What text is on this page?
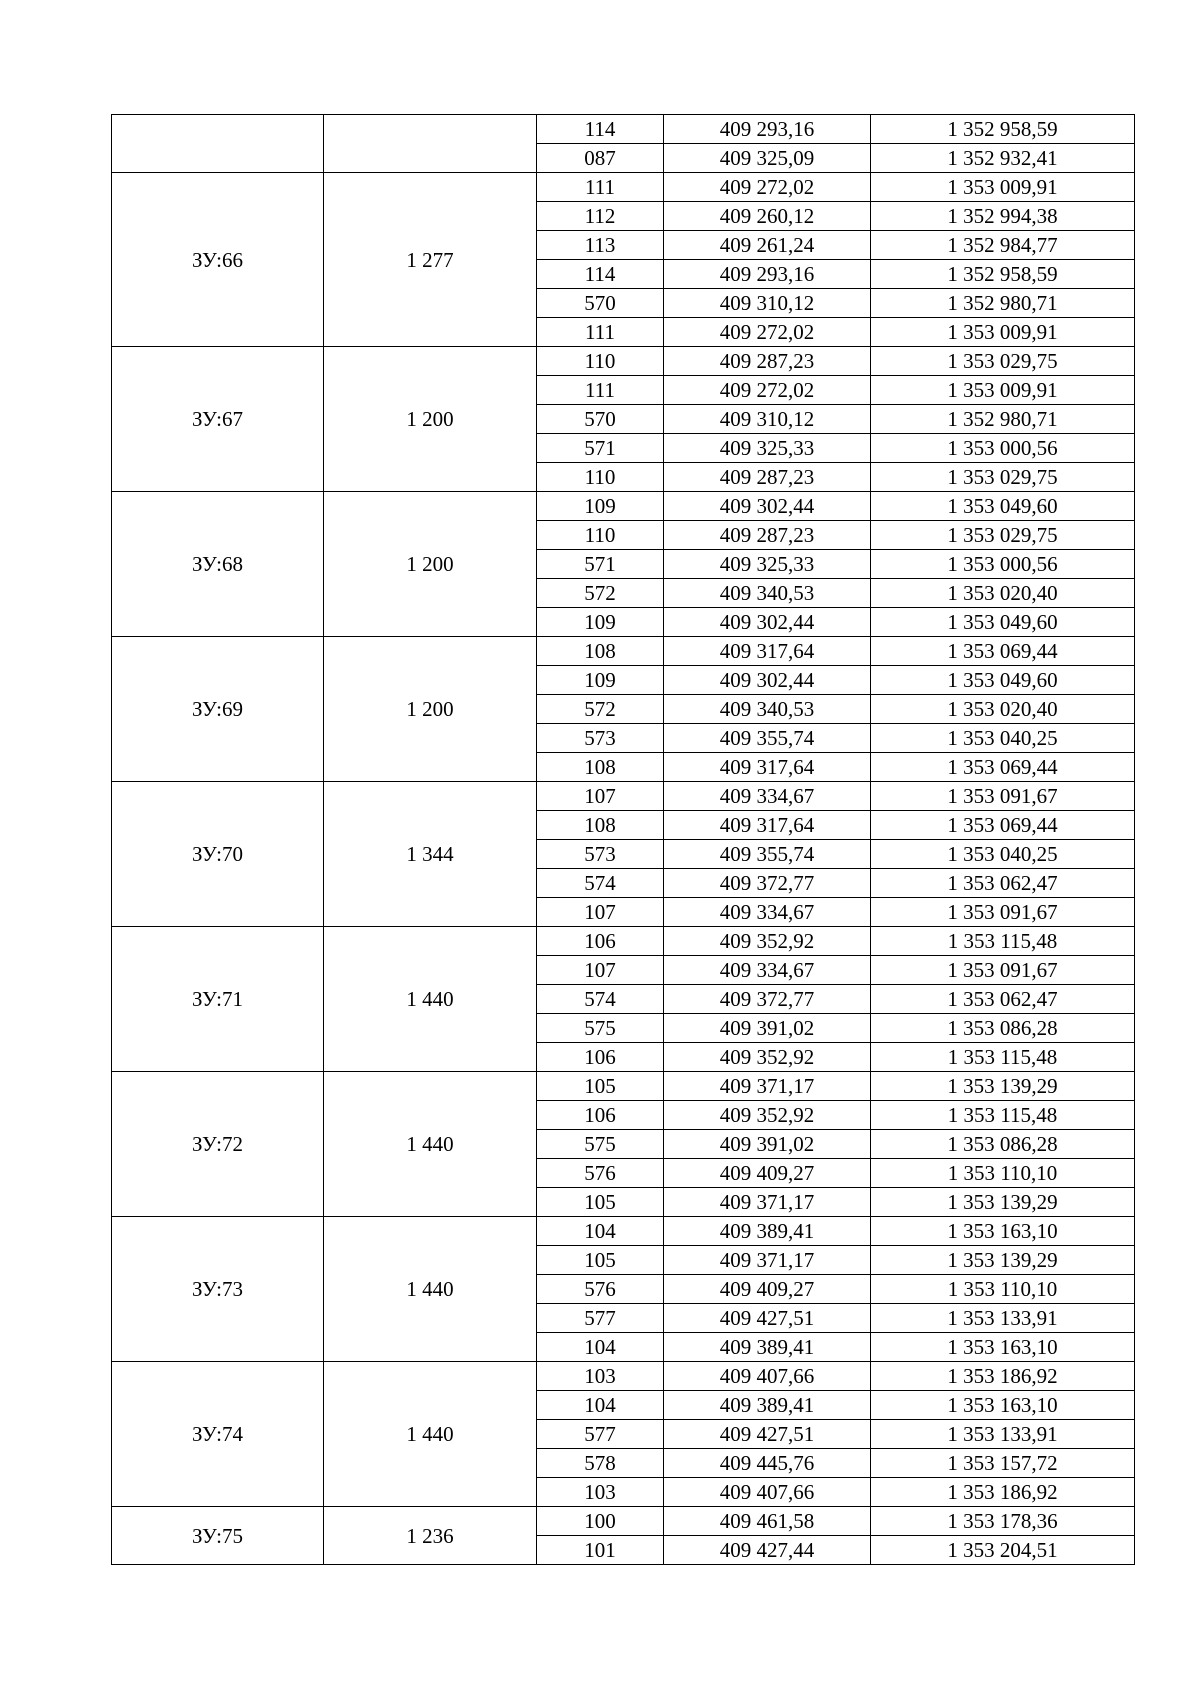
		114	409 293,16	1 352 958,59
		087	409 325,09	1 352 932,41
ЗУ:66	1 277	111	409 272,02	1 353 009,91
		112	409 260,12	1 352 994,38
		113	409 261,24	1 352 984,77
		114	409 293,16	1 352 958,59
		570	409 310,12	1 352 980,71
		111	409 272,02	1 353 009,91
ЗУ:67	1 200	110	409 287,23	1 353 029,75
		111	409 272,02	1 353 009,91
		570	409 310,12	1 352 980,71
		571	409 325,33	1 353 000,56
		110	409 287,23	1 353 029,75
ЗУ:68	1 200	109	409 302,44	1 353 049,60
		110	409 287,23	1 353 029,75
		571	409 325,33	1 353 000,56
		572	409 340,53	1 353 020,40
		109	409 302,44	1 353 049,60
ЗУ:69	1 200	108	409 317,64	1 353 069,44
		109	409 302,44	1 353 049,60
		572	409 340,53	1 353 020,40
		573	409 355,74	1 353 040,25
		108	409 317,64	1 353 069,44
ЗУ:70	1 344	107	409 334,67	1 353 091,67
		108	409 317,64	1 353 069,44
		573	409 355,74	1 353 040,25
		574	409 372,77	1 353 062,47
		107	409 334,67	1 353 091,67
ЗУ:71	1 440	106	409 352,92	1 353 115,48
		107	409 334,67	1 353 091,67
		574	409 372,77	1 353 062,47
		575	409 391,02	1 353 086,28
		106	409 352,92	1 353 115,48
ЗУ:72	1 440	105	409 371,17	1 353 139,29
		106	409 352,92	1 353 115,48
		575	409 391,02	1 353 086,28
		576	409 409,27	1 353 110,10
		105	409 371,17	1 353 139,29
ЗУ:73	1 440	104	409 389,41	1 353 163,10
		105	409 371,17	1 353 139,29
		576	409 409,27	1 353 110,10
		577	409 427,51	1 353 133,91
		104	409 389,41	1 353 163,10
ЗУ:74	1 440	103	409 407,66	1 353 186,92
		104	409 389,41	1 353 163,10
		577	409 427,51	1 353 133,91
		578	409 445,76	1 353 157,72
		103	409 407,66	1 353 186,92
ЗУ:75	1 236	100	409 461,58	1 353 178,36
		101	409 427,44	1 353 204,51
